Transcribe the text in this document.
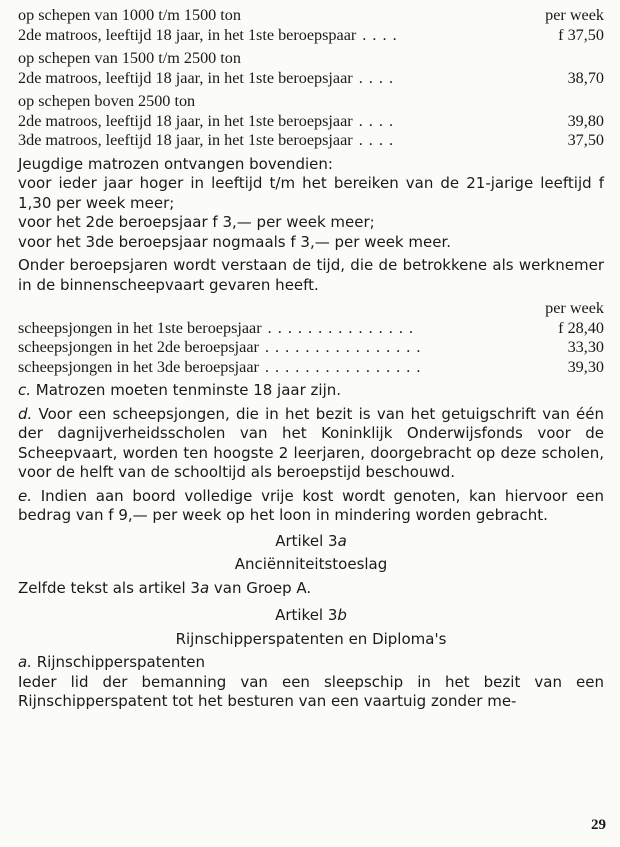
op schepen van 1000 t/m 1500 ton	per week
2de matroos, leeftijd 18 jaar, in het 1ste beroepspaar . . . .	f 37,50
op schepen van 1500 t/m 2500 ton
2de matroos, leeftijd 18 jaar, in het 1ste beroepsjaar . . . .	38,70
op schepen boven 2500 ton
2de matroos, leeftijd 18 jaar, in het 1ste beroepsjaar . . . .	39,80
3de matroos, leeftijd 18 jaar, in het 1ste beroepsjaar . . . .	37,50

Jeugdige matrozen ontvangen bovendien:

voor ieder jaar hoger in leeftijd t/m het bereiken van de 21-jarige leeftijd f 1,30 per week meer;

voor het 2de beroepsjaar f 3,— per week meer;

voor het 3de beroepsjaar nogmaals f 3,— per week meer.

Onder beroepsjaren wordt verstaan de tijd, die de betrokkene als werknemer in de binnenscheepvaart gevaren heeft.

per week
scheepsjongen in het 1ste beroepsjaar . . . . . . . . . . . . . . .	f 28,40
scheepsjongen in het 2de beroepsjaar . . . . . . . . . . . . . . . .	33,30
scheepsjongen in het 3de beroepsjaar . . . . . . . . . . . . . . . .	39,30

c. Matrozen moeten tenminste 18 jaar zijn.

d. Voor een scheepsjongen, die in het bezit is van het getuigschrift van één der dagnijverheidsscholen van het Koninklijk Onderwijsfonds voor de Scheepvaart, worden ten hoogste 2 leerjaren, doorgebracht op deze scholen, voor de helft van de schooltijd als beroepstijd beschouwd.

e. Indien aan boord volledige vrije kost wordt genoten, kan hiervoor een bedrag van f 9,— per week op het loon in mindering worden gebracht.

Artikel 3a

Anciënniteitstoeslag

Zelfde tekst als artikel 3a van Groep A.

Artikel 3b

Rijnschipperspatenten en Diploma's

a. Rijnschipperspatenten

Ieder lid der bemanning van een sleepschip in het bezit van een Rijnschipperspatent tot het besturen van een vaartuig zonder me-

29
